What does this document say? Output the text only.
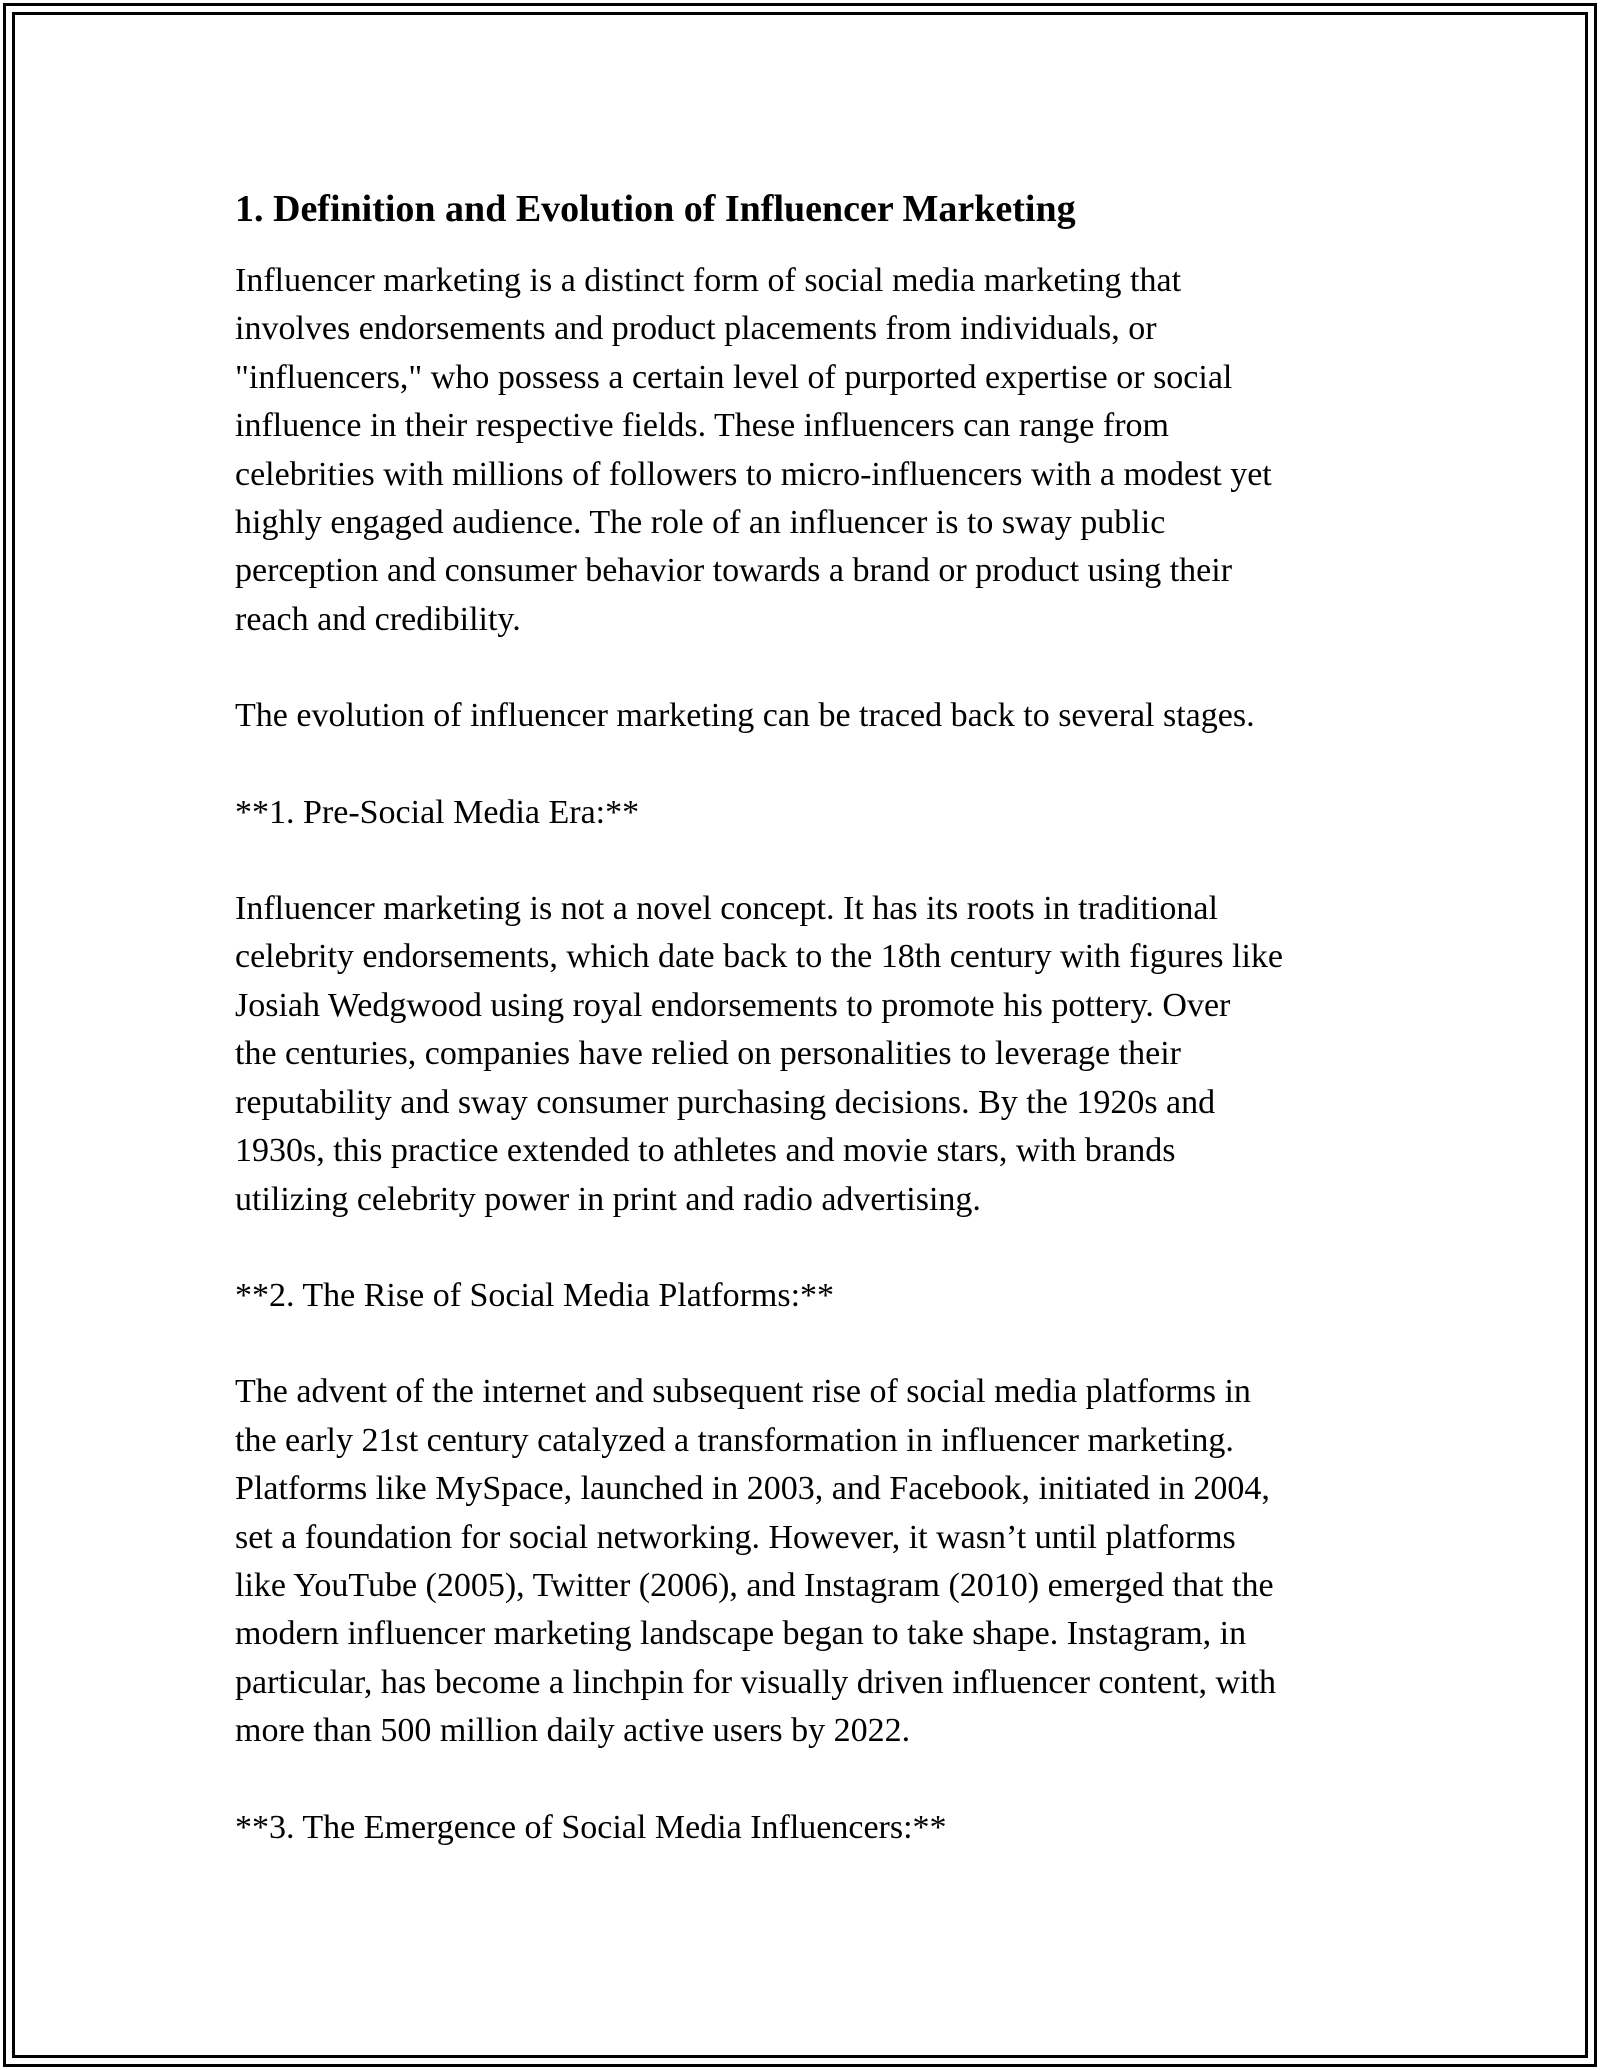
1. Definition and Evolution of Influencer Marketing

Influencer marketing is a distinct form of social media marketing that
involves endorsements and product placements from individuals, or
"influencers," who possess a certain level of purported expertise or social
influence in their respective fields. These influencers can range from
celebrities with millions of followers to micro-influencers with a modest yet
highly engaged audience. The role of an influencer is to sway public
perception and consumer behavior towards a brand or product using their
reach and credibility.

The evolution of influencer marketing can be traced back to several stages.

**1. Pre-Social Media Era:**

Influencer marketing is not a novel concept. It has its roots in traditional
celebrity endorsements, which date back to the 18th century with figures like
Josiah Wedgwood using royal endorsements to promote his pottery. Over
the centuries, companies have relied on personalities to leverage their
reputability and sway consumer purchasing decisions. By the 1920s and
1930s, this practice extended to athletes and movie stars, with brands
utilizing celebrity power in print and radio advertising.

**2. The Rise of Social Media Platforms:**

The advent of the internet and subsequent rise of social media platforms in
the early 21st century catalyzed a transformation in influencer marketing.
Platforms like MySpace, launched in 2003, and Facebook, initiated in 2004,
set a foundation for social networking. However, it wasn’t until platforms
like YouTube (2005), Twitter (2006), and Instagram (2010) emerged that the
modern influencer marketing landscape began to take shape. Instagram, in
particular, has become a linchpin for visually driven influencer content, with
more than 500 million daily active users by 2022.

**3. The Emergence of Social Media Influencers:**
